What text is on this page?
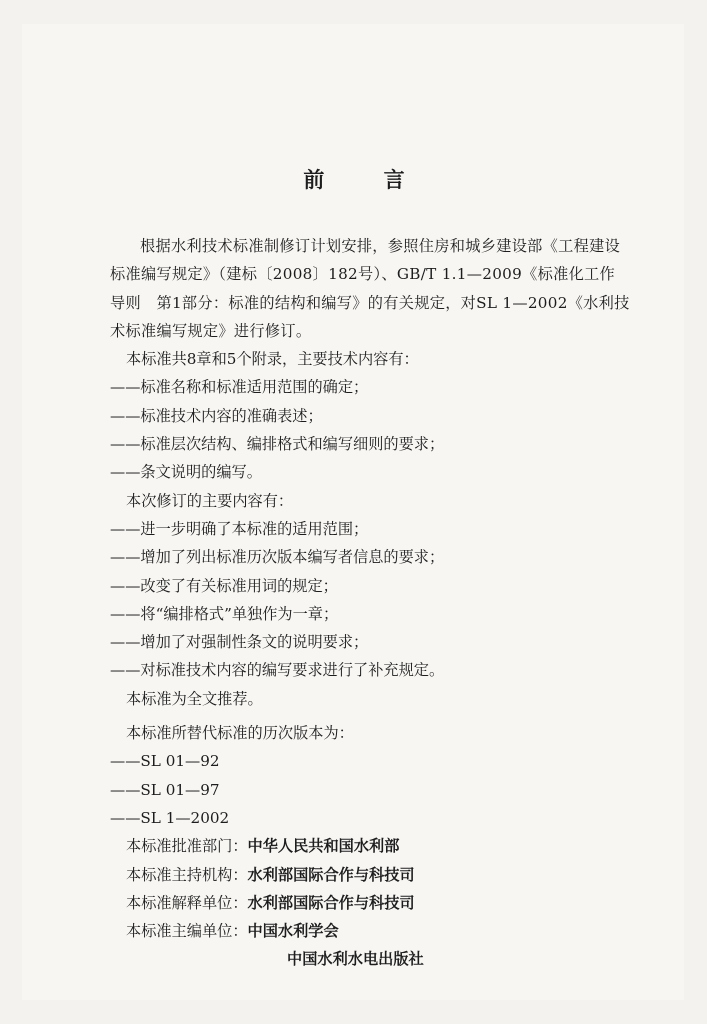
前 言

根据水利技术标准制修订计划安排，参照住房和城乡建设部《工程建设标准编写规定》（建标〔2008〕182号）、GB/T 1.1—2009《标准化工作导则　第1部分：标准的结构和编写》的有关规定，对SL 1—2002《水利技术标准编写规定》进行修订。

本标准共8章和5个附录，主要技术内容有：
——标准名称和标准适用范围的确定；
——标准技术内容的准确表述；
——标准层次结构、编排格式和编写细则的要求；
——条文说明的编写。
本次修订的主要内容有：
——进一步明确了本标准的适用范围；
——增加了列出标准历次版本编写者信息的要求；
——改变了有关标准用词的规定；
——将“编排格式”单独作为一章；
——增加了对强制性条文的说明要求；
——对标准技术内容的编写要求进行了补充规定。
本标准为全文推荐。
本标准所替代标准的历次版本为：
——SL 01—92
——SL 01—97
——SL 1—2002
本标准批准部门：中华人民共和国水利部
本标准主持机构：水利部国际合作与科技司
本标准解释单位：水利部国际合作与科技司
本标准主编单位：中国水利学会
中国水利水电出版社
